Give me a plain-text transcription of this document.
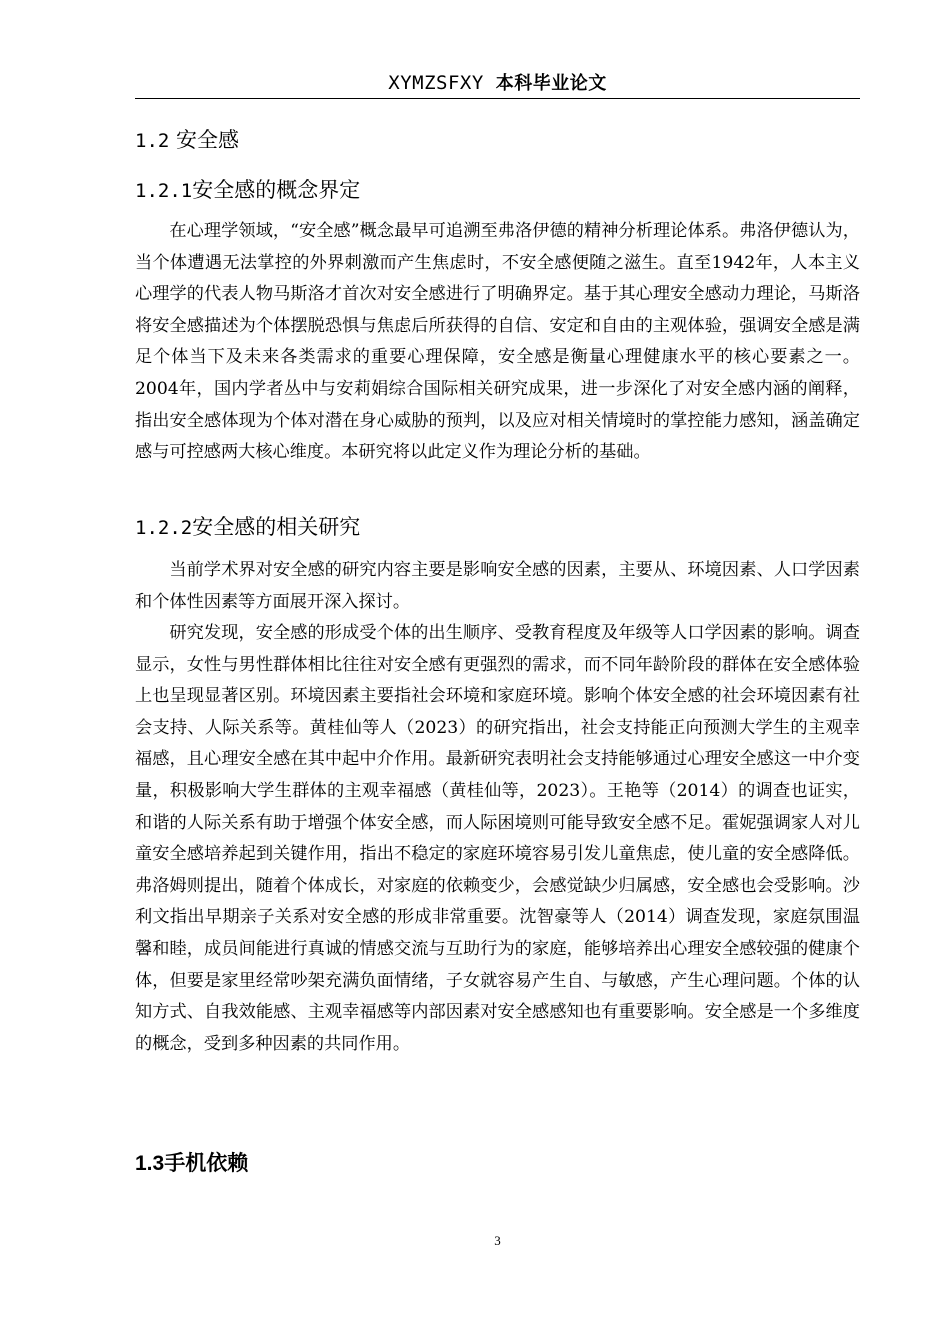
XYMZSFXY 本科毕业论文
1.2 安全感
1.2.1安全感的概念界定

在心理学领域，“安全感”概念最早可追溯至弗洛伊德的精神分析理论体系。弗洛伊德认为，当个体遭遇无法掌控的外界刺激而产生焦虑时，不安全感便随之滋生。直至1942年，人本主义心理学的代表人物马斯洛才首次对安全感进行了明确界定。基于其心理安全感动力理论，马斯洛将安全感描述为个体摆脱恐惧与焦虑后所获得的自信、安定和自由的主观体验，强调安全感是满足个体当下及未来各类需求的重要心理保障，安全感是衡量心理健康水平的核心要素之一。2004年，国内学者丛中与安莉娟综合国际相关研究成果，进一步深化了对安全感内涵的阐释，指出安全感体现为个体对潜在身心威胁的预判，以及应对相关情境时的掌控能力感知，涵盖确定感与可控感两大核心维度。本研究将以此定义作为理论分析的基础。

1.2.2安全感的相关研究

当前学术界对安全感的研究内容主要是影响安全感的因素，主要从、环境因素、人口学因素和个体性因素等方面展开深入探讨。

研究发现，安全感的形成受个体的出生顺序、受教育程度及年级等人口学因素的影响。调查显示，女性与男性群体相比往往对安全感有更强烈的需求，而不同年龄阶段的群体在安全感体验上也呈现显著区别。环境因素主要指社会环境和家庭环境。影响个体安全感的社会环境因素有社会支持、人际关系等。黄桂仙等人（2023）的研究指出，社会支持能正向预测大学生的主观幸福感，且心理安全感在其中起中介作用。最新研究表明社会支持能够通过心理安全感这一中介变量，积极影响大学生群体的主观幸福感（黄桂仙等，2023）。王艳等（2014）的调查也证实，和谐的人际关系有助于增强个体安全感，而人际困境则可能导致安全感不足。霍妮强调家人对儿童安全感培养起到关键作用，指出不稳定的家庭环境容易引发儿童焦虑，使儿童的安全感降低。弗洛姆则提出，随着个体成长，对家庭的依赖变少，会感觉缺少归属感，安全感也会受影响。沙利文指出早期亲子关系对安全感的形成非常重要。沈智豪等人（2014）调查发现，家庭氛围温馨和睦，成员间能进行真诚的情感交流与互助行为的家庭，能够培养出心理安全感较强的健康个体，但要是家里经常吵架充满负面情绪，子女就容易产生自、与敏感，产生心理问题。个体的认知方式、自我效能感、主观幸福感等内部因素对安全感感知也有重要影响。安全感是一个多维度的概念，受到多种因素的共同作用。

1.3手机依赖
3
